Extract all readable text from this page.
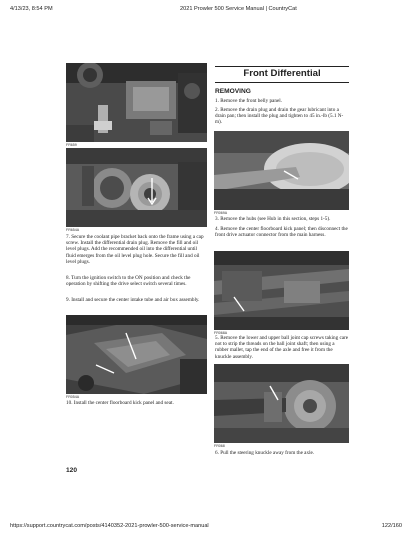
4/13/23, 8:54 PM	2021 Prowler 500 Service Manual | CountryCat
FR659
FR654A
7. Secure the coolant pipe bracket back onto the frame using a cap screw. Install the differential drain plug. Remove the fill and oil level plugs. Add the recommended oil into the differential until fluid emerges from the oil level plug hole. Secure the fill and oil level plugs.
8. Turn the ignition switch to the ON position and check the operation by shifting the drive select switch several times.
9. Install and secure the center intake tube and air box assembly.
FR054A
10. Install the center floorboard kick panel and seat.
120
Front Differential
REMOVING
1. Remove the front belly panel.
2. Remove the drain plug and drain the gear lubricant into a drain pan; then install the plug and tighten to 45 in.-lb (5.1 N-m).
FR069A
3. Remove the hubs (see Hub in this section, steps 1-5).
4. Remove the center floorboard kick panel; then disconnect the front drive actuator connector from the main harness.
FR068A
5. Remove the lower and upper ball joint cap screws taking care not to strip the threads on the ball joint shaft; then using a rubber mallet, tap the end of the axle and free it from the knuckle assembly.
FR068
6. Pull the steering knuckle away from the axle.
https://support.countrycat.com/posts/4140352-2021-prowler-500-service-manual	122/160
